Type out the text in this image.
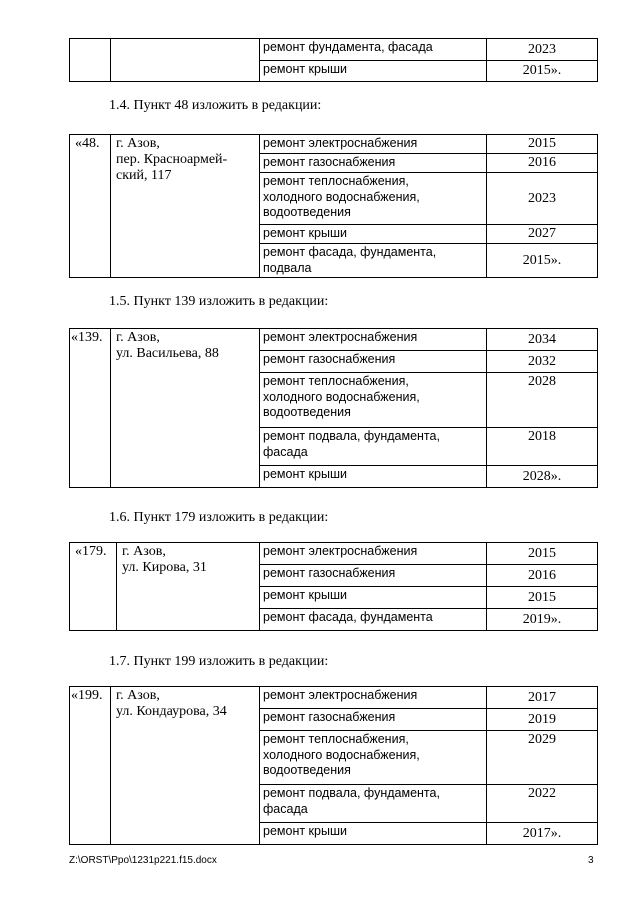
		ремонт фундамента, фасада	2023
		ремонт крыши	2015».
1.4. Пункт 48 изложить в редакции:
«48.	г. Азов,
пер. Красноармей-
ский, 117	ремонт электроснабжения	2015
		ремонт газоснабжения	2016
		ремонт теплоснабжения,
холодного водоснабжения,
водоотведения	2023
		ремонт крыши	2027
		ремонт фасада, фундамента,
подвала	2015».
1.5. Пункт 139 изложить в редакции:
«139.	г. Азов,
ул. Васильева, 88	ремонт электроснабжения	2034
		ремонт газоснабжения	2032
		ремонт теплоснабжения,
холодного водоснабжения,
водоотведения	2028
		ремонт подвала, фундамента,
фасада	2018
		ремонт крыши	2028».
1.6. Пункт 179 изложить в редакции:
«179.	г. Азов,
ул. Кирова, 31	ремонт электроснабжения	2015
		ремонт газоснабжения	2016
		ремонт крыши	2015
		ремонт фасада, фундамента	2019».
1.7. Пункт 199 изложить в редакции:
«199.	г. Азов,
ул. Кондаурова, 34	ремонт электроснабжения	2017
		ремонт газоснабжения	2019
		ремонт теплоснабжения,
холодного водоснабжения,
водоотведения	2029
		ремонт подвала, фундамента,
фасада	2022
		ремонт крыши	2017».
Z:\ORST\Ppo\1231p221.f15.docx	3
